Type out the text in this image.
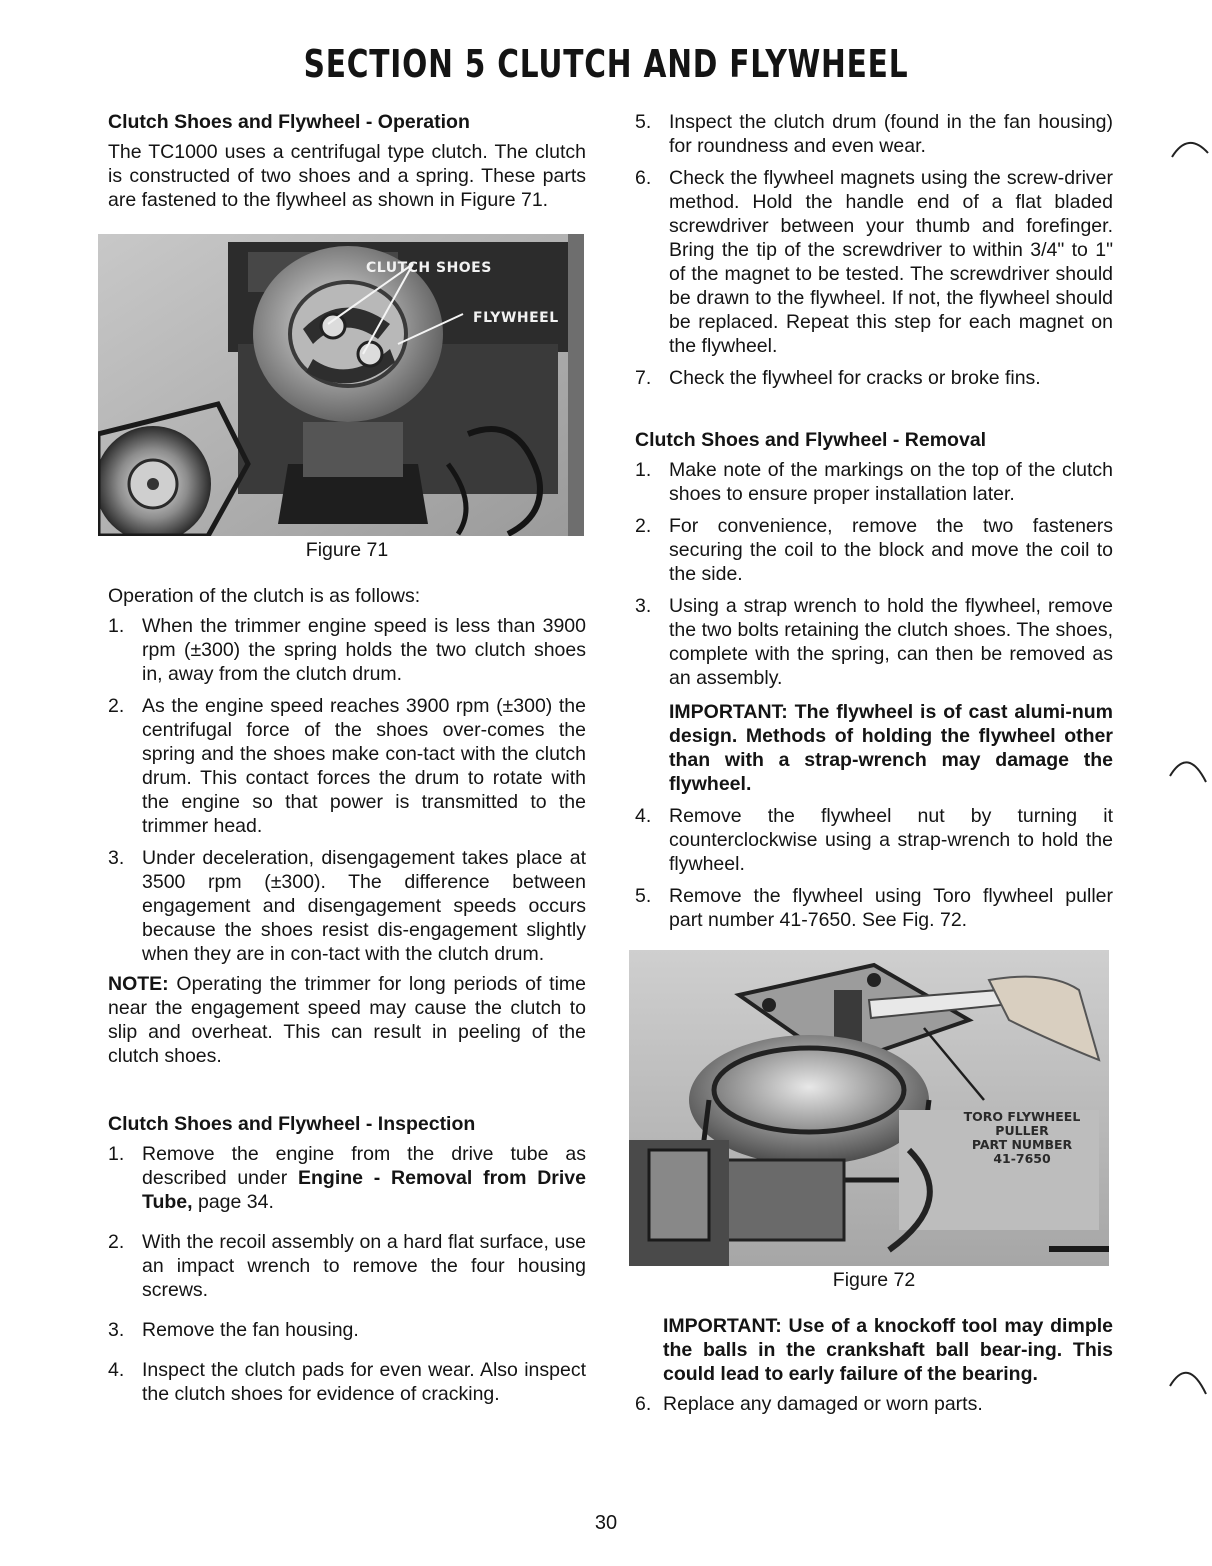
SECTION 5 CLUTCH AND FLYWHEEL
Clutch Shoes and Flywheel - Operation

The TC1000 uses a centrifugal type clutch. The clutch is constructed of two shoes and a spring. These parts are fastened to the flywheel as shown in Figure 71.

CLUTCH SHOES
FLYWHEEL
Figure 71

Operation of the clutch is as follows:

1. When the trimmer engine speed is less than 3900 rpm (±300) the spring holds the two clutch shoes in, away from the clutch drum.
2. As the engine speed reaches 3900 rpm (±300) the centrifugal force of the shoes over-comes the spring and the shoes make con-tact with the clutch drum. This contact forces the drum to rotate with the engine so that power is transmitted to the trimmer head.
3. Under deceleration, disengagement takes place at 3500 rpm (±300). The difference between engagement and disengagement speeds occurs because the shoes resist dis-engagement slightly when they are in con-tact with the clutch drum.

NOTE: Operating the trimmer for long periods of time near the engagement speed may cause the clutch to slip and overheat. This can result in peeling of the clutch shoes.

Clutch Shoes and Flywheel - Inspection
1. Remove the engine from the drive tube as described under Engine - Removal from Drive Tube, page 34.
2. With the recoil assembly on a hard flat surface, use an impact wrench to remove the four housing screws.
3. Remove the fan housing.
4. Inspect the clutch pads for even wear. Also inspect the clutch shoes for evidence of cracking.
5. Inspect the clutch drum (found in the fan housing) for roundness and even wear.
6. Check the flywheel magnets using the screw-driver method. Hold the handle end of a flat bladed screwdriver between your thumb and forefinger. Bring the tip of the screwdriver to within 3/4" to 1" of the magnet to be tested. The screwdriver should be drawn to the flywheel. If not, the flywheel should be replaced. Repeat this step for each magnet on the flywheel.
7. Check the flywheel for cracks or broke fins.
Clutch Shoes and Flywheel - Removal
1. Make note of the markings on the top of the clutch shoes to ensure proper installation later.
2. For convenience, remove the two fasteners securing the coil to the block and move the coil to the side.
3. Using a strap wrench to hold the flywheel, remove the two bolts retaining the clutch shoes. The shoes, complete with the spring, can then be removed as an assembly.

IMPORTANT: The flywheel is of cast alumi-num design. Methods of holding the flywheel other than with a strap-wrench may damage the flywheel.

4. Remove the flywheel nut by turning it counterclockwise using a strap-wrench to hold the flywheel.
5. Remove the flywheel using Toro flywheel puller part number 41-7650. See Fig. 72.
TORO FLYWHEEL
PULLER
PART NUMBER
41-7650
Figure 72

IMPORTANT: Use of a knockoff tool may dimple the balls in the crankshaft ball bear-ing. This could lead to early failure of the bearing.

6. Replace any damaged or worn parts.
30
